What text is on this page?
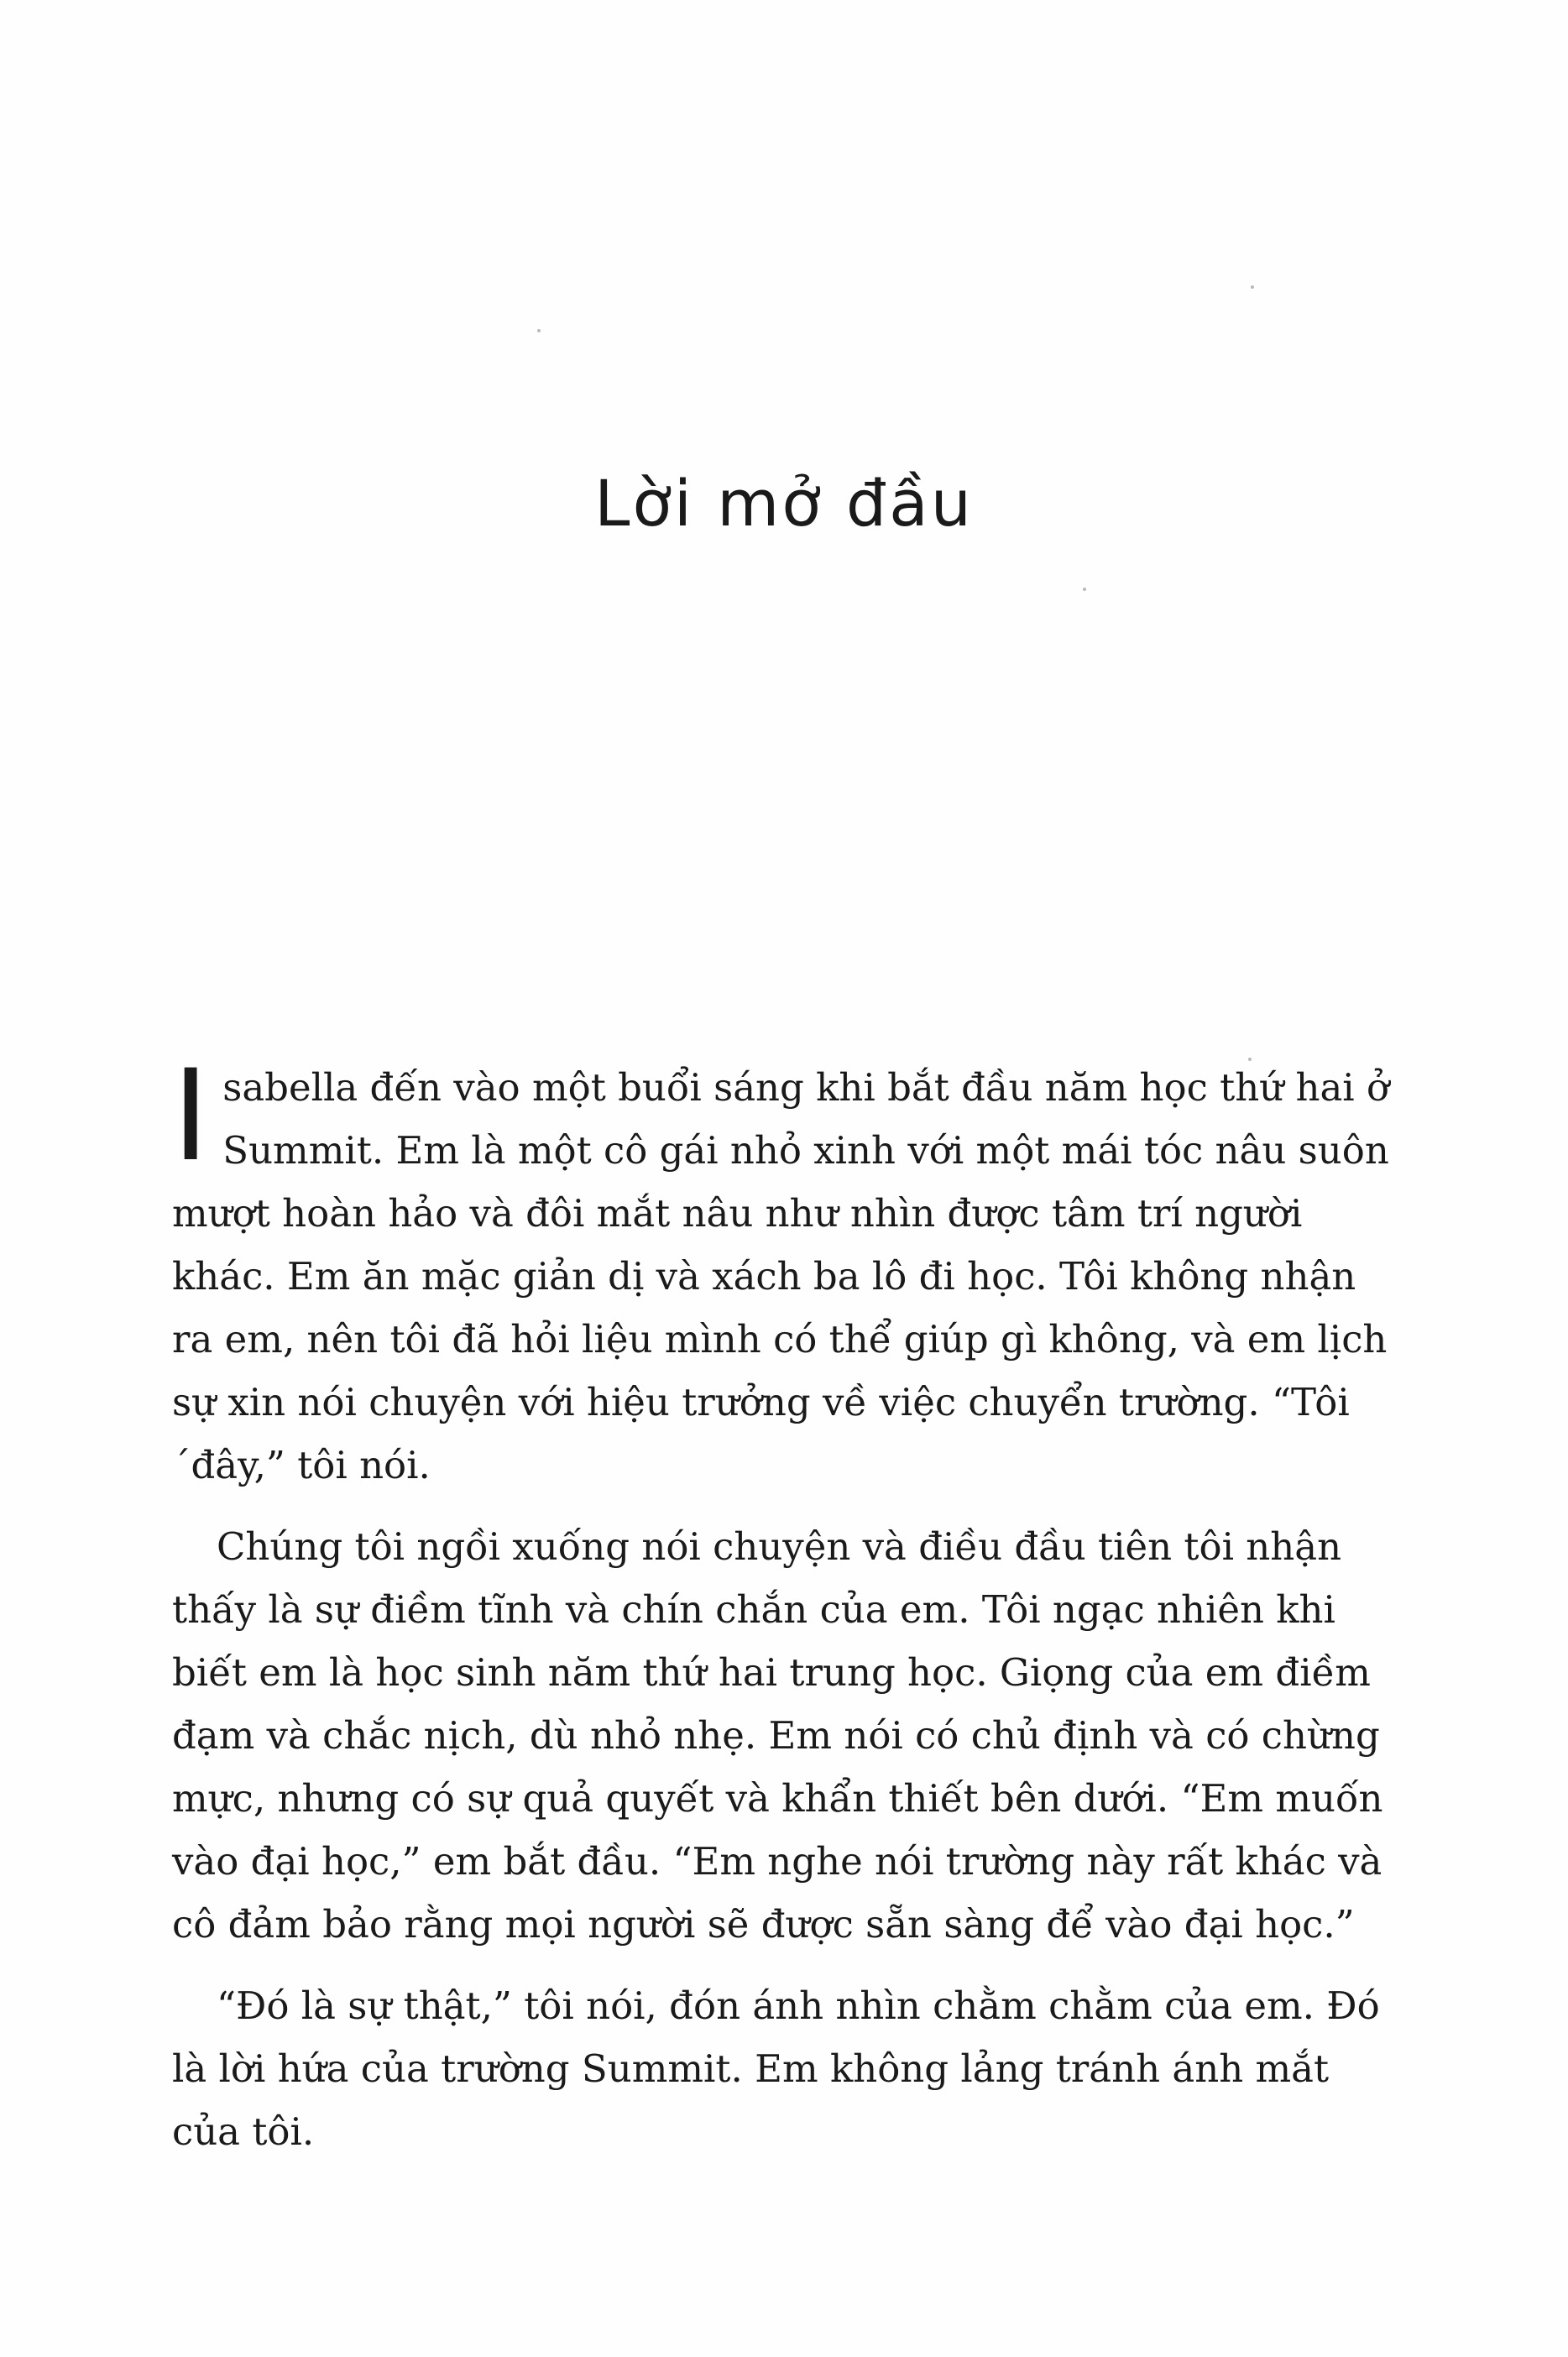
Lời mở đầu

Isabella đến vào một buổi sáng khi bắt đầu năm học thứ hai ở Summit. Em là một cô gái nhỏ xinh với một mái tóc nâu suôn mượt hoàn hảo và đôi mắt nâu như nhìn được tâm trí người khác. Em ăn mặc giản dị và xách ba lô đi học. Tôi không nhận ra em, nên tôi đã hỏi liệu mình có thể giúp gì không, và em lịch sự xin nói chuyện với hiệu trưởng về việc chuyển trường. “Tôi ´đây,” tôi nói.

Chúng tôi ngồi xuống nói chuyện và điều đầu tiên tôi nhận thấy là sự điềm tĩnh và chín chắn của em. Tôi ngạc nhiên khi biết em là học sinh năm thứ hai trung học. Giọng của em điềm đạm và chắc nịch, dù nhỏ nhẹ. Em nói có chủ định và có chừng mực, nhưng có sự quả quyết và khẩn thiết bên dưới. “Em muốn vào đại học,” em bắt đầu. “Em nghe nói trường này rất khác và cô đảm bảo rằng mọi người sẽ được sẵn sàng để vào đại học.”

“Đó là sự thật,” tôi nói, đón ánh nhìn chằm chằm của em. Đó là lời hứa của trường Summit. Em không lảng tránh ánh mắt của tôi.
